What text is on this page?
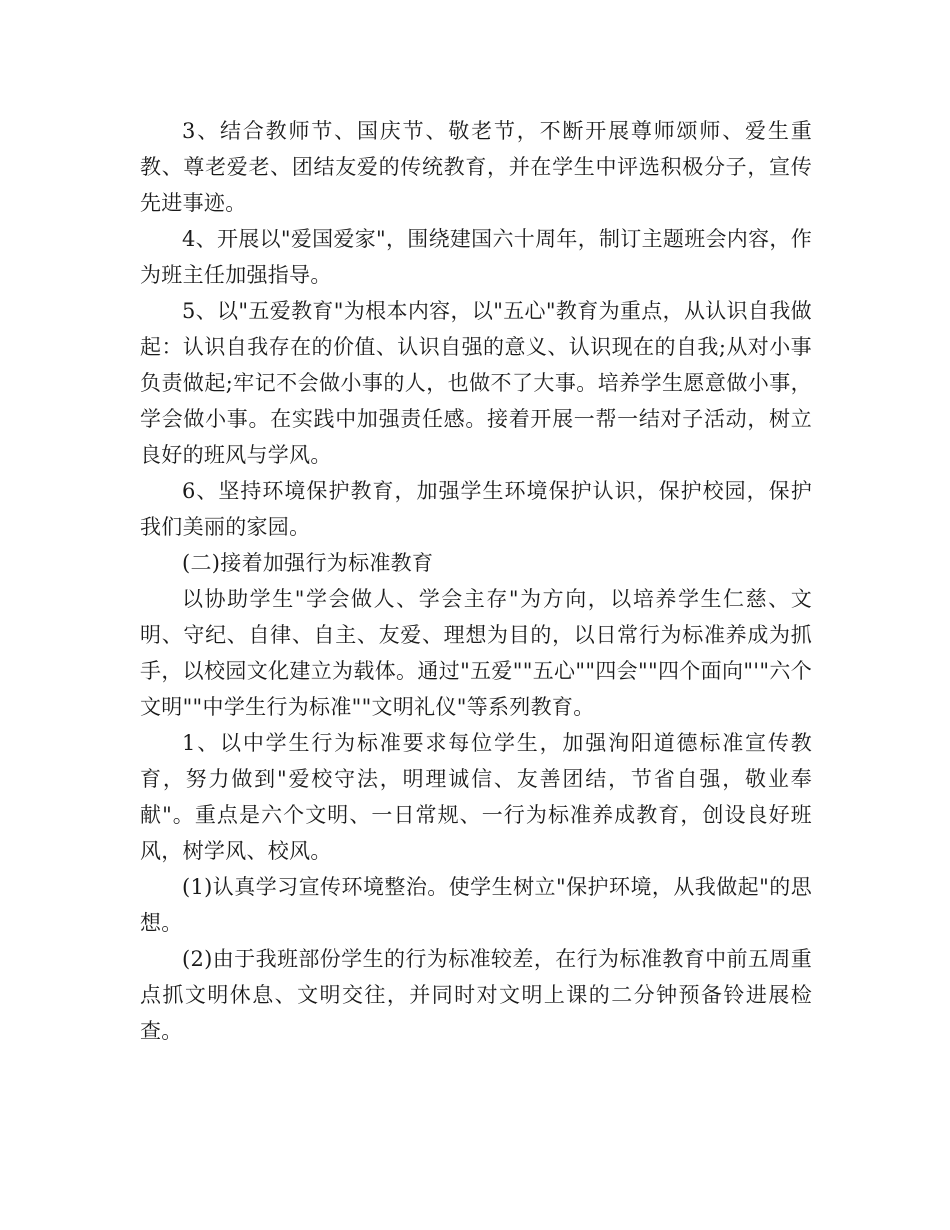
3、结合教师节、国庆节、敬老节，不断开展尊师颂师、爱生重教、尊老爱老、团结友爱的传统教育，并在学生中评选积极分子，宣传先进事迹。

4、开展以"爱国爱家"，围绕建国六十周年，制订主题班会内容，作为班主任加强指导。

5、以"五爱教育"为根本内容，以"五心"教育为重点，从认识自我做起：认识自我存在的价值、认识自强的意义、认识现在的自我;从对小事负责做起;牢记不会做小事的人，也做不了大事。培养学生愿意做小事，学会做小事。在实践中加强责任感。接着开展一帮一结对子活动，树立良好的班风与学风。

6、坚持环境保护教育，加强学生环境保护认识，保护校园，保护我们美丽的家园。

(二)接着加强行为标准教育

以协助学生"学会做人、学会主存"为方向，以培养学生仁慈、文明、守纪、自律、自主、友爱、理想为目的，以日常行为标准养成为抓手，以校园文化建立为载体。通过"五爱""五心""四会""四个面向"'"六个文明""中学生行为标准""文明礼仪"等系列教育。

1、以中学生行为标准要求每位学生，加强洵阳道德标准宣传教育，努力做到"爱校守法，明理诚信、友善团结，节省自强，敬业奉献"。重点是六个文明、一日常规、一行为标准养成教育，创设良好班风，树学风、校风。

(1)认真学习宣传环境整治。使学生树立"保护环境，从我做起"的思想。

(2)由于我班部份学生的行为标准较差，在行为标准教育中前五周重点抓文明休息、文明交往，并同时对文明上课的二分钟预备铃进展检查。
